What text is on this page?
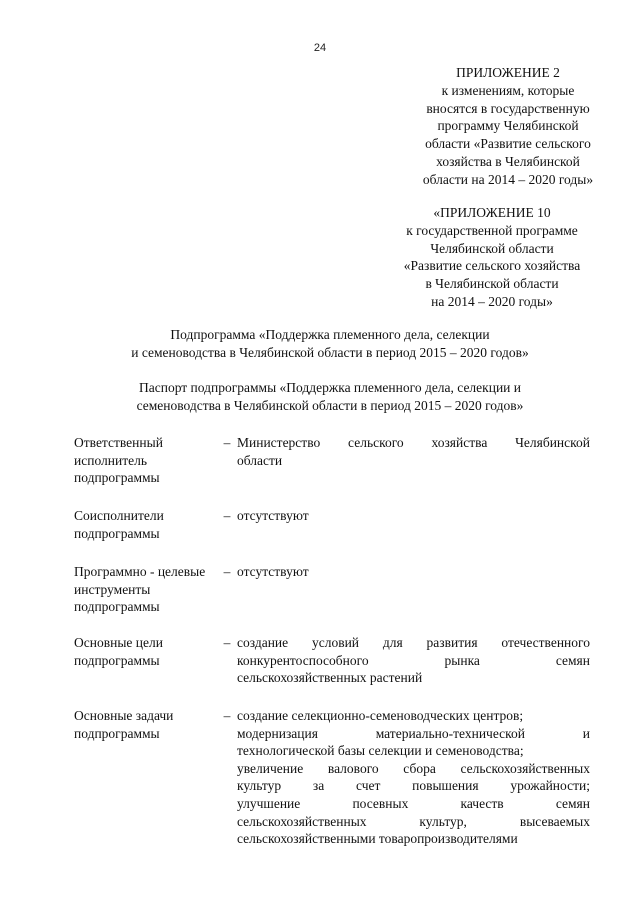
24
ПРИЛОЖЕНИЕ 2
к изменениям, которые
вносятся в государственную
программу Челябинской
области «Развитие сельского
хозяйства в Челябинской
области на 2014 – 2020 годы»
«ПРИЛОЖЕНИЕ 10
к государственной программе
Челябинской области
«Развитие сельского хозяйства
в Челябинской области
на 2014 – 2020 годы»
Подпрограмма «Поддержка племенного дела, селекции
и семеноводства в Челябинской области в период 2015 – 2020 годов»
Паспорт подпрограммы «Поддержка племенного дела, селекции и
семеноводства в Челябинской области в период 2015 – 2020 годов»
Ответственный
исполнитель
подпрограммы
– Министерство сельского хозяйства Челябинской
области
Соисполнители
подпрограммы
– отсутствуют
Программно - целевые
инструменты
подпрограммы
– отсутствуют
Основные цели
подпрограммы
– создание условий для развития отечественного
конкурентоспособного рынка семян
сельскохозяйственных растений
Основные задачи
подпрограммы
– создание селекционно-семеноводческих центров;
модернизация материально-технической и
технологической базы селекции и семеноводства;
увеличение валового сбора сельскохозяйственных
культур за счет повышения урожайности;
улучшение посевных качеств семян
сельскохозяйственных культур, высеваемых
сельскохозяйственными товаропроизводителями
